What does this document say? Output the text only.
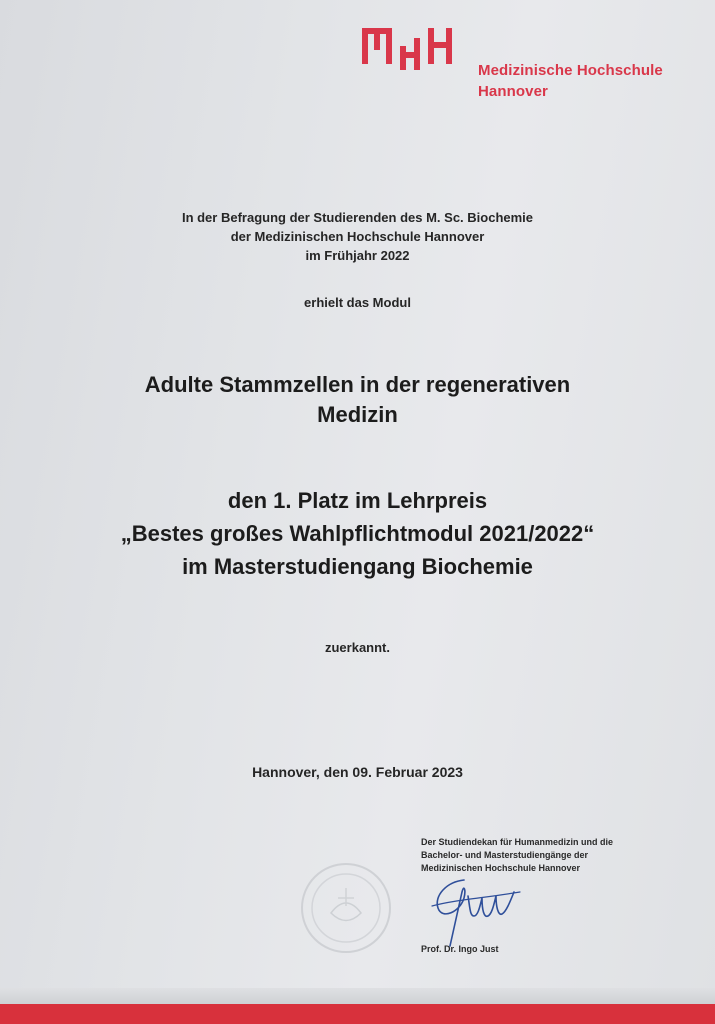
Medizinische Hochschule
Hannover
In der Befragung der Studierenden des M. Sc. Biochemie
der Medizinischen Hochschule Hannover
im Frühjahr 2022
erhielt das Modul
Adulte Stammzellen in der regenerativen
Medizin
den 1. Platz im Lehrpreis
„Bestes großes Wahlpflichtmodul 2021/2022“
im Masterstudiengang Biochemie
zuerkannt.
Hannover, den 09. Februar 2023
Der Studiendekan für Humanmedizin und die
Bachelor- und Masterstudiengänge der
Medizinischen Hochschule Hannover
Prof. Dr. Ingo Just
